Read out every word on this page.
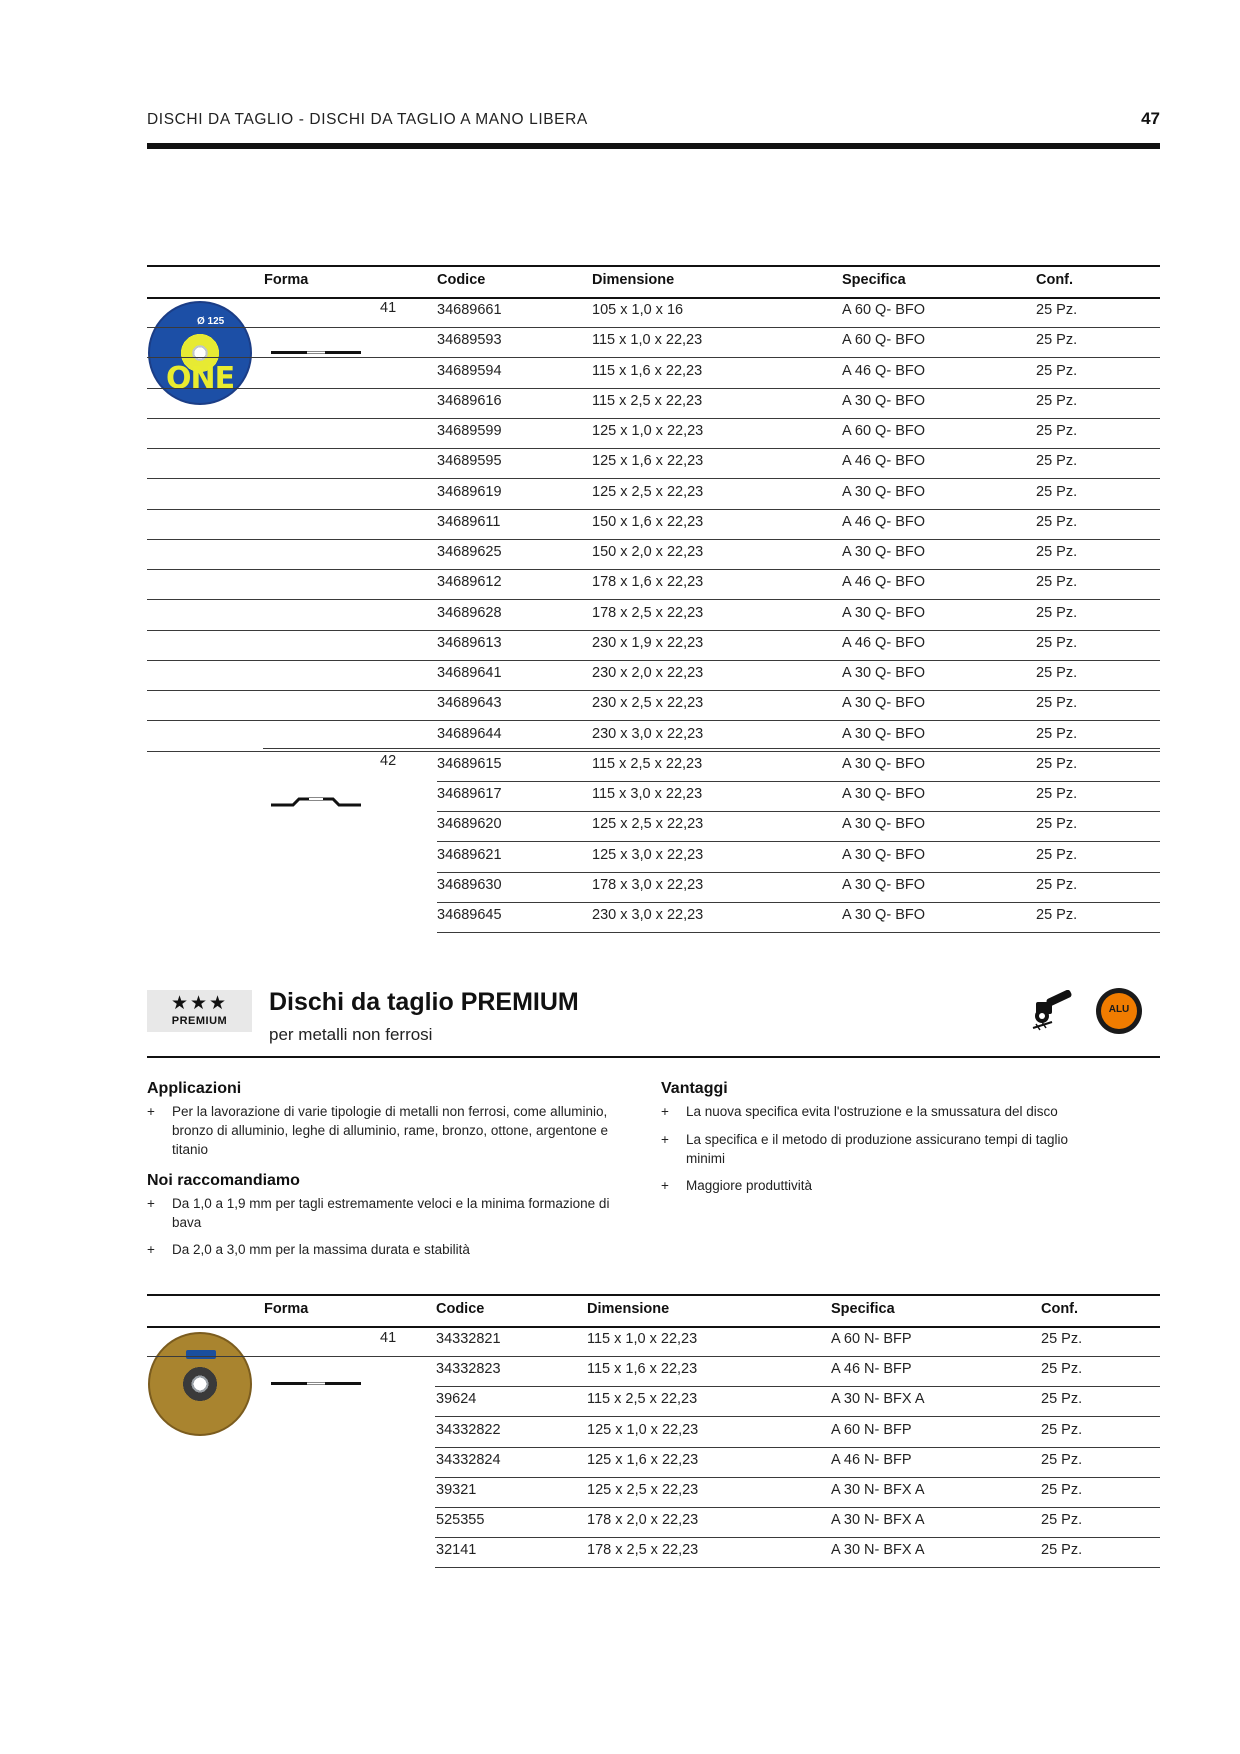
DISCHI DA TAGLIO - DISCHI DA TAGLIO A MANO LIBERA	47
Forma	Codice	Dimensione	Specifica	Conf.
Ø 125
ONE
41
42
34689661	105 x 1,0 x 16	A 60 Q- BFO	25 Pz.
34689593	115 x 1,0 x 22,23	A 60 Q- BFO	25 Pz.
34689594	115 x 1,6 x 22,23	A 46 Q- BFO	25 Pz.
34689616	115 x 2,5 x 22,23	A 30 Q- BFO	25 Pz.
34689599	125 x 1,0 x 22,23	A 60 Q- BFO	25 Pz.
34689595	125 x 1,6 x 22,23	A 46 Q- BFO	25 Pz.
34689619	125 x 2,5 x 22,23	A 30 Q- BFO	25 Pz.
34689611	150 x 1,6 x 22,23	A 46 Q- BFO	25 Pz.
34689625	150 x 2,0 x 22,23	A 30 Q- BFO	25 Pz.
34689612	178 x 1,6 x 22,23	A 46 Q- BFO	25 Pz.
34689628	178 x 2,5 x 22,23	A 30 Q- BFO	25 Pz.
34689613	230 x 1,9 x 22,23	A 46 Q- BFO	25 Pz.
34689641	230 x 2,0 x 22,23	A 30 Q- BFO	25 Pz.
34689643	230 x 2,5 x 22,23	A 30 Q- BFO	25 Pz.
34689644	230 x 3,0 x 22,23	A 30 Q- BFO	25 Pz.
34689615	115 x 2,5 x 22,23	A 30 Q- BFO	25 Pz.
34689617	115 x 3,0 x 22,23	A 30 Q- BFO	25 Pz.
34689620	125 x 2,5 x 22,23	A 30 Q- BFO	25 Pz.
34689621	125 x 3,0 x 22,23	A 30 Q- BFO	25 Pz.
34689630	178 x 3,0 x 22,23	A 30 Q- BFO	25 Pz.
34689645	230 x 3,0 x 22,23	A 30 Q- BFO	25 Pz.
★★★
PREMIUM
Dischi da taglio PREMIUM
per metalli non ferrosi
ALU
Applicazioni
Noi raccomandiamo
Vantaggi
+ Per la lavorazione di varie tipologie di metalli non ferrosi, come alluminio,
bronzo di alluminio, leghe di alluminio, rame, bronzo, ottone, argentone e
titanio
+ Da 1,0 a 1,9 mm per tagli estremamente veloci e la minima formazione di
bava
+ Da 2,0 a 3,0 mm per la massima durata e stabilità
+ La nuova specifica evita l'ostruzione e la smussatura del disco
+ La specifica e il metodo di produzione assicurano tempi di taglio
minimi
+ Maggiore produttività
Forma	Codice	Dimensione	Specifica	Conf.
41	34332821	115 x 1,0 x 22,23	A 60 N- BFP	25 Pz.
34332823	115 x 1,6 x 22,23	A 46 N- BFP	25 Pz.
39624	115 x 2,5 x 22,23	A 30 N- BFX A	25 Pz.
34332822	125 x 1,0 x 22,23	A 60 N- BFP	25 Pz.
34332824	125 x 1,6 x 22,23	A 46 N- BFP	25 Pz.
39321	125 x 2,5 x 22,23	A 30 N- BFX A	25 Pz.
525355	178 x 2,0 x 22,23	A 30 N- BFX A	25 Pz.
32141	178 x 2,5 x 22,23	A 30 N- BFX A	25 Pz.
